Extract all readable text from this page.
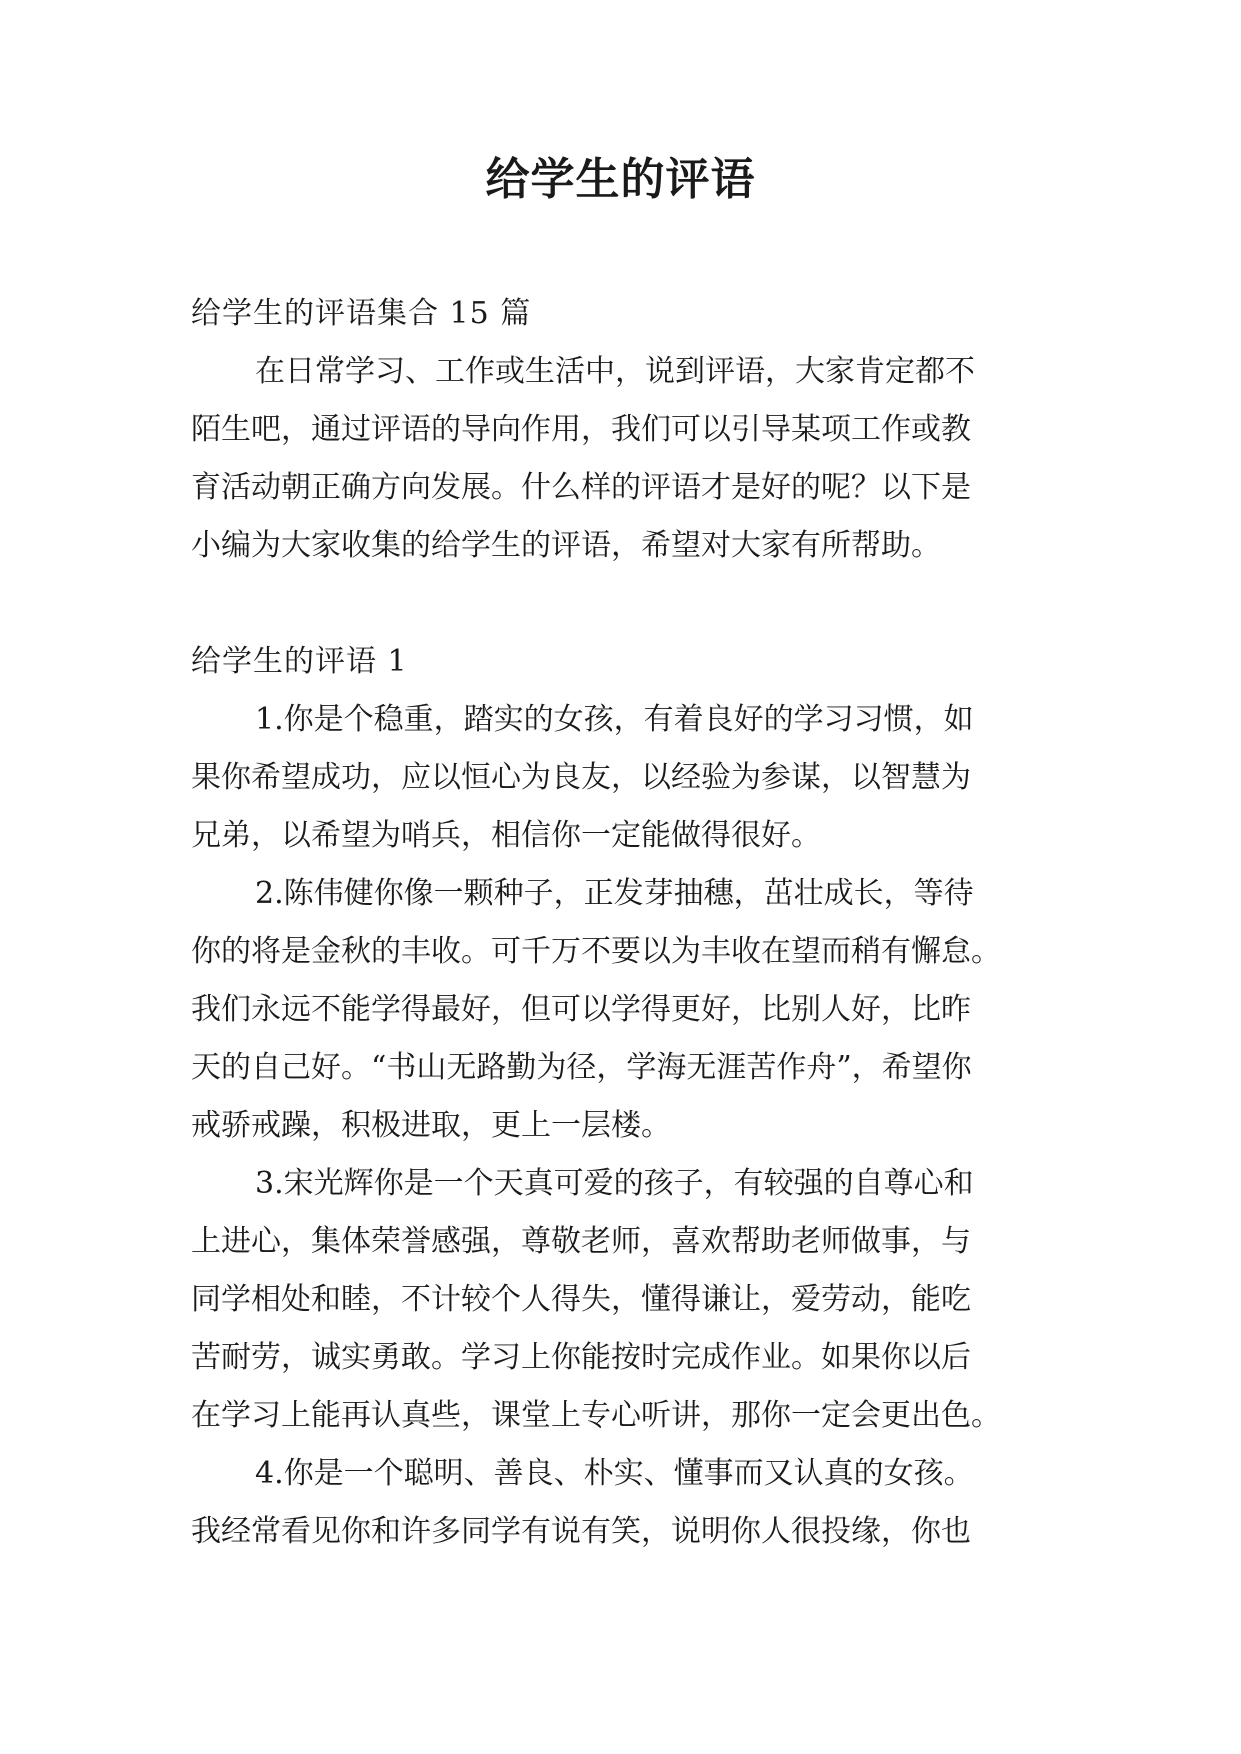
给学生的评语

给学生的评语集合 15 篇

在日常学习、工作或生活中，说到评语，大家肯定都不

陌生吧，通过评语的导向作用，我们可以引导某项工作或教

育活动朝正确方向发展。什么样的评语才是好的呢？以下是

小编为大家收集的给学生的评语，希望对大家有所帮助。

给学生的评语 1

1.你是个稳重，踏实的女孩，有着良好的学习习惯，如

果你希望成功，应以恒心为良友，以经验为参谋，以智慧为

兄弟，以希望为哨兵，相信你一定能做得很好。

2.陈伟健你像一颗种子，正发芽抽穗，茁壮成长，等待

你的将是金秋的丰收。可千万不要以为丰收在望而稍有懈怠。

我们永远不能学得最好，但可以学得更好，比别人好，比昨

天的自己好。“书山无路勤为径，学海无涯苦作舟”，希望你

戒骄戒躁，积极进取，更上一层楼。

3.宋光辉你是一个天真可爱的孩子，有较强的自尊心和

上进心，集体荣誉感强，尊敬老师，喜欢帮助老师做事，与

同学相处和睦，不计较个人得失，懂得谦让，爱劳动，能吃

苦耐劳，诚实勇敢。学习上你能按时完成作业。如果你以后

在学习上能再认真些，课堂上专心听讲，那你一定会更出色。

4.你是一个聪明、善良、朴实、懂事而又认真的女孩。

我经常看见你和许多同学有说有笑，说明你人很投缘，你也
